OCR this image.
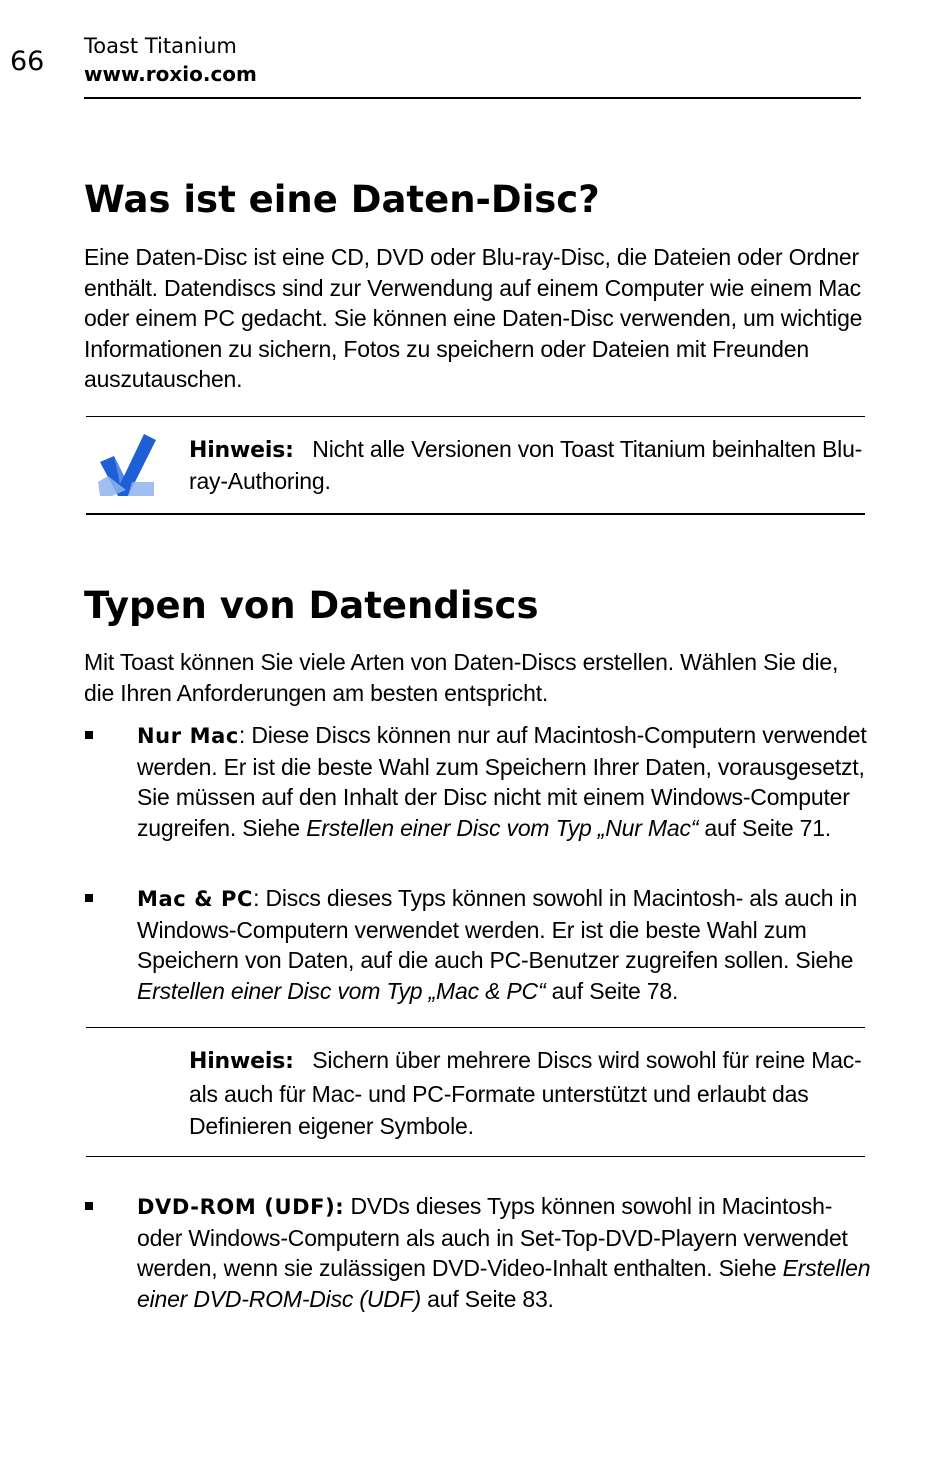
66 Toast Titanium
www.roxio.com
Was ist eine Daten-Disc?

Eine Daten-Disc ist eine CD, DVD oder Blu-ray-Disc, die Dateien oder Ordner enthält. Datendiscs sind zur Verwendung auf einem Computer wie einem Mac oder einem PC gedacht. Sie können eine Daten-Disc verwenden, um wichtige Informationen zu sichern, Fotos zu speichern oder Dateien mit Freunden auszutauschen.

Hinweis: Nicht alle Versionen von Toast Titanium beinhalten Blu-ray-Authoring.
Typen von Datendiscs

Mit Toast können Sie viele Arten von Daten-Discs erstellen. Wählen Sie die, die Ihren Anforderungen am besten entspricht.

Nur Mac: Diese Discs können nur auf Macintosh-Computern verwendet werden. Er ist die beste Wahl zum Speichern Ihrer Daten, vorausgesetzt, Sie müssen auf den Inhalt der Disc nicht mit einem Windows-Computer zugreifen. Siehe Erstellen einer Disc vom Typ „Nur Mac“ auf Seite 71.
Mac & PC: Discs dieses Typs können sowohl in Macintosh- als auch in Windows-Computern verwendet werden. Er ist die beste Wahl zum Speichern von Daten, auf die auch PC-Benutzer zugreifen sollen. Siehe Erstellen einer Disc vom Typ „Mac & PC“ auf Seite 78.
Hinweis: Sichern über mehrere Discs wird sowohl für reine Mac- als auch für Mac- und PC-Formate unterstützt und erlaubt das Definieren eigener Symbole.
DVD-ROM (UDF): DVDs dieses Typs können sowohl in Macintosh- oder Windows-Computern als auch in Set-Top-DVD-Playern verwendet werden, wenn sie zulässigen DVD-Video-Inhalt enthalten. Siehe Erstellen einer DVD-ROM-Disc (UDF) auf Seite 83.
